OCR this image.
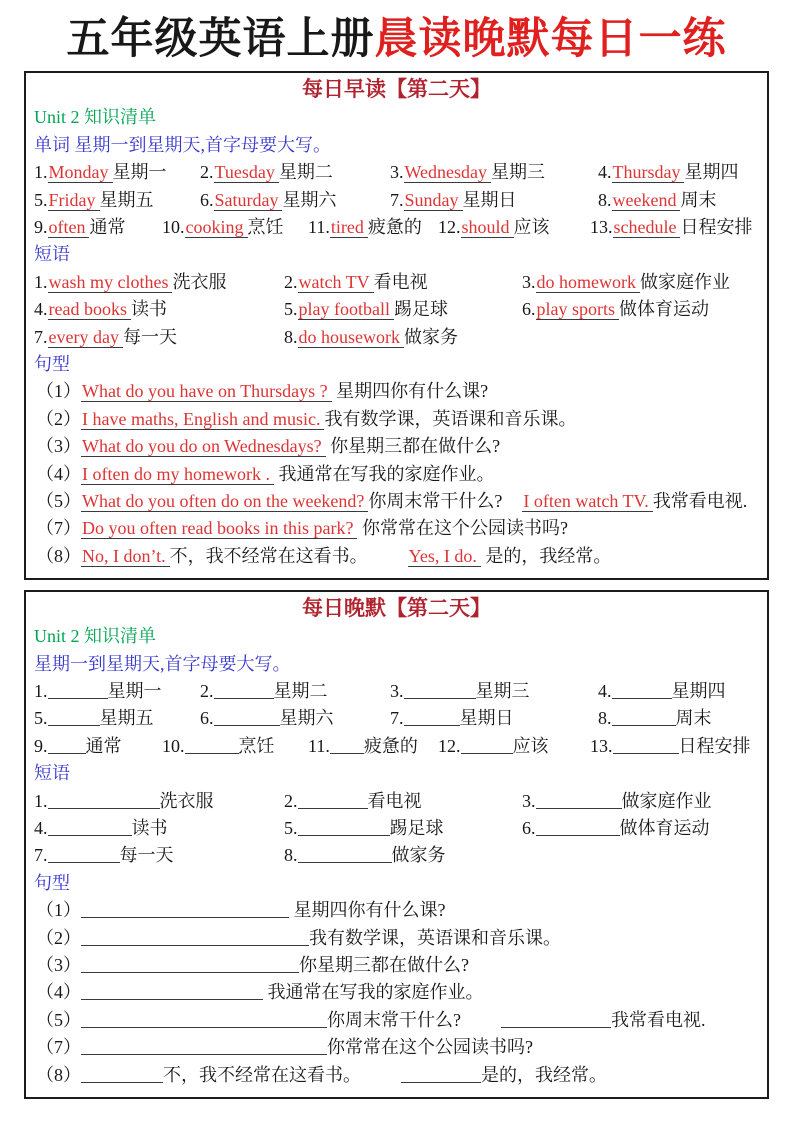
五年级英语上册晨读晚默每日一练
每日早读【第二天】
Unit 2 知识清单
单词 星期一到星期天,首字母要大写。
1.Monday 星期一	2.Tuesday 星期二	3.Wednesday 星期三	4.Thursday 星期四
5.Friday 星期五	6.Saturday 星期六	7.Sunday 星期日	8.weekend 周末
9.often 通常	10.cooking 烹饪	11.tired 疲惫的 12.should 应该	13.schedule 日程安排
短语
1.wash my clothes 洗衣服	2.watch TV 看电视	3.do homework 做家庭作业
4.read books 读书	5.play football 踢足球	6.play sports 做体育运动
7.every day 每一天	8.do housework 做家务
句型
（1）What do you have on Thursdays ? 星期四你有什么课?
（2）I have maths, English and music. 我有数学课，英语课和音乐课。
（3）What do you do on Wednesdays? 你星期三都在做什么?
（4）I often do my homework . 我通常在写我的家庭作业。
（5）What do you often do on the weekend? 你周末常干什么? I often watch TV. 我常看电视.
（7）Do you often read books in this park? 你常常在这个公园读书吗?
（8）No, I don’t. 不，我不经常在这看书。 Yes, I do. 是的，我经常。
每日晚默【第二天】
Unit 2 知识清单
星期一到星期天,首字母要大写。
1.	星期一	2.	星期二	3.	星期三	4.	星期四
5.	星期五	6.	星期六	7.	星期日	8.	周末
9. 通常	10.	烹饪	11. 疲惫的	12.	应该	13.	日程安排
短语
1.	洗衣服	2.	看电视	3.	做家庭作业
4.	读书	5.	踢足球	6.	做体育运动
7.	每一天	8.	做家务
句型
（1）	星期四你有什么课?
（2）	我有数学课，英语课和音乐课。
（3）	你星期三都在做什么?
（4）	我通常在写我的家庭作业。
（5）	你周末常干什么?	我常看电视.
（7）	你常常在这个公园读书吗?
（8）	不，我不经常在这看书。	是的，我经常。
